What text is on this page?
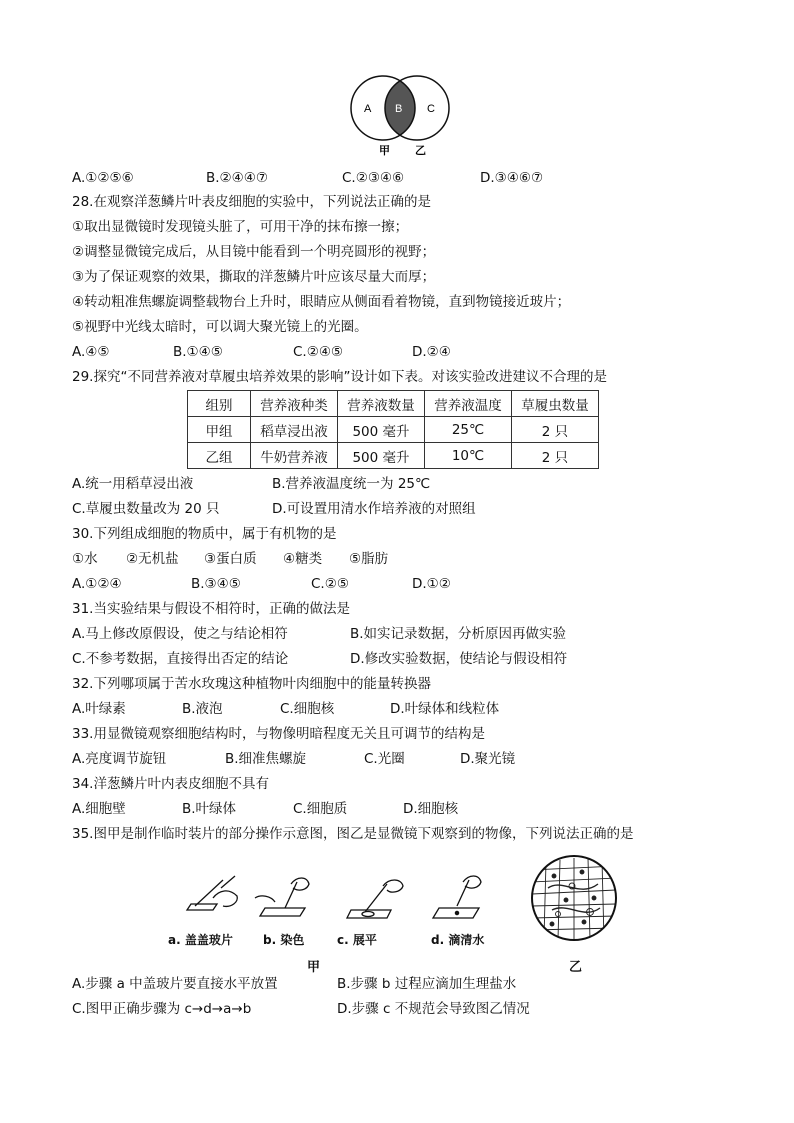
A B C
甲 乙
A.①②⑤⑥	B.②④④⑦	C.②③④⑥	D.③④⑥⑦
28.在观察洋葱鳞片叶表皮细胞的实验中，下列说法正确的是
①取出显微镜时发现镜头脏了，可用干净的抹布擦一擦；
②调整显微镜完成后，从目镜中能看到一个明亮圆形的视野；
③为了保证观察的效果，撕取的洋葱鳞片叶应该尽量大而厚；
④转动粗准焦螺旋调整载物台上升时，眼睛应从侧面看着物镜，直到物镜接近玻片；
⑤视野中光线太暗时，可以调大聚光镜上的光圈。
A.④⑤	B.①④⑤	C.②④⑤	D.②④
29.探究“不同营养液对草履虫培养效果的影响”设计如下表。对该实验改进建议不合理的是
组别	营养液种类	营养液数量	营养液温度	草履虫数量
甲组	稻草浸出液	500 毫升	25℃	2 只
乙组	牛奶营养液	500 毫升	10℃	2 只
A.统一用稻草浸出液	B.营养液温度统一为 25℃
C.草履虫数量改为 20 只	D.可设置用清水作培养液的对照组
30.下列组成细胞的物质中，属于有机物的是
①水 ②无机盐 ③蛋白质 ④糖类 ⑤脂肪
A.①②④	B.③④⑤	C.②⑤	D.①②
31.当实验结果与假设不相符时，正确的做法是
A.马上修改原假设，使之与结论相符	B.如实记录数据，分析原因再做实验
C.不参考数据，直接得出否定的结论	D.修改实验数据，使结论与假设相符
32.下列哪项属于苦水玫瑰这种植物叶肉细胞中的能量转换器
A.叶绿素	B.液泡	C.细胞核	D.叶绿体和线粒体
33.用显微镜观察细胞结构时，与物像明暗程度无关且可调节的结构是
A.亮度调节旋钮	B.细准焦螺旋	C.光圈	D.聚光镜
34.洋葱鳞片叶内表皮细胞不具有
A.细胞壁	B.叶绿体	C.细胞质	D.细胞核
35.图甲是制作临时装片的部分操作示意图，图乙是显微镜下观察到的物像，下列说法正确的是
a. 盖盖玻片	b. 染色	c. 展平	d. 滴清水
甲	乙
A.步骤 a 中盖玻片要直接水平放置	B.步骤 b 过程应滴加生理盐水
C.图甲正确步骤为 c→d→a→b	D.步骤 c 不规范会导致图乙情况
